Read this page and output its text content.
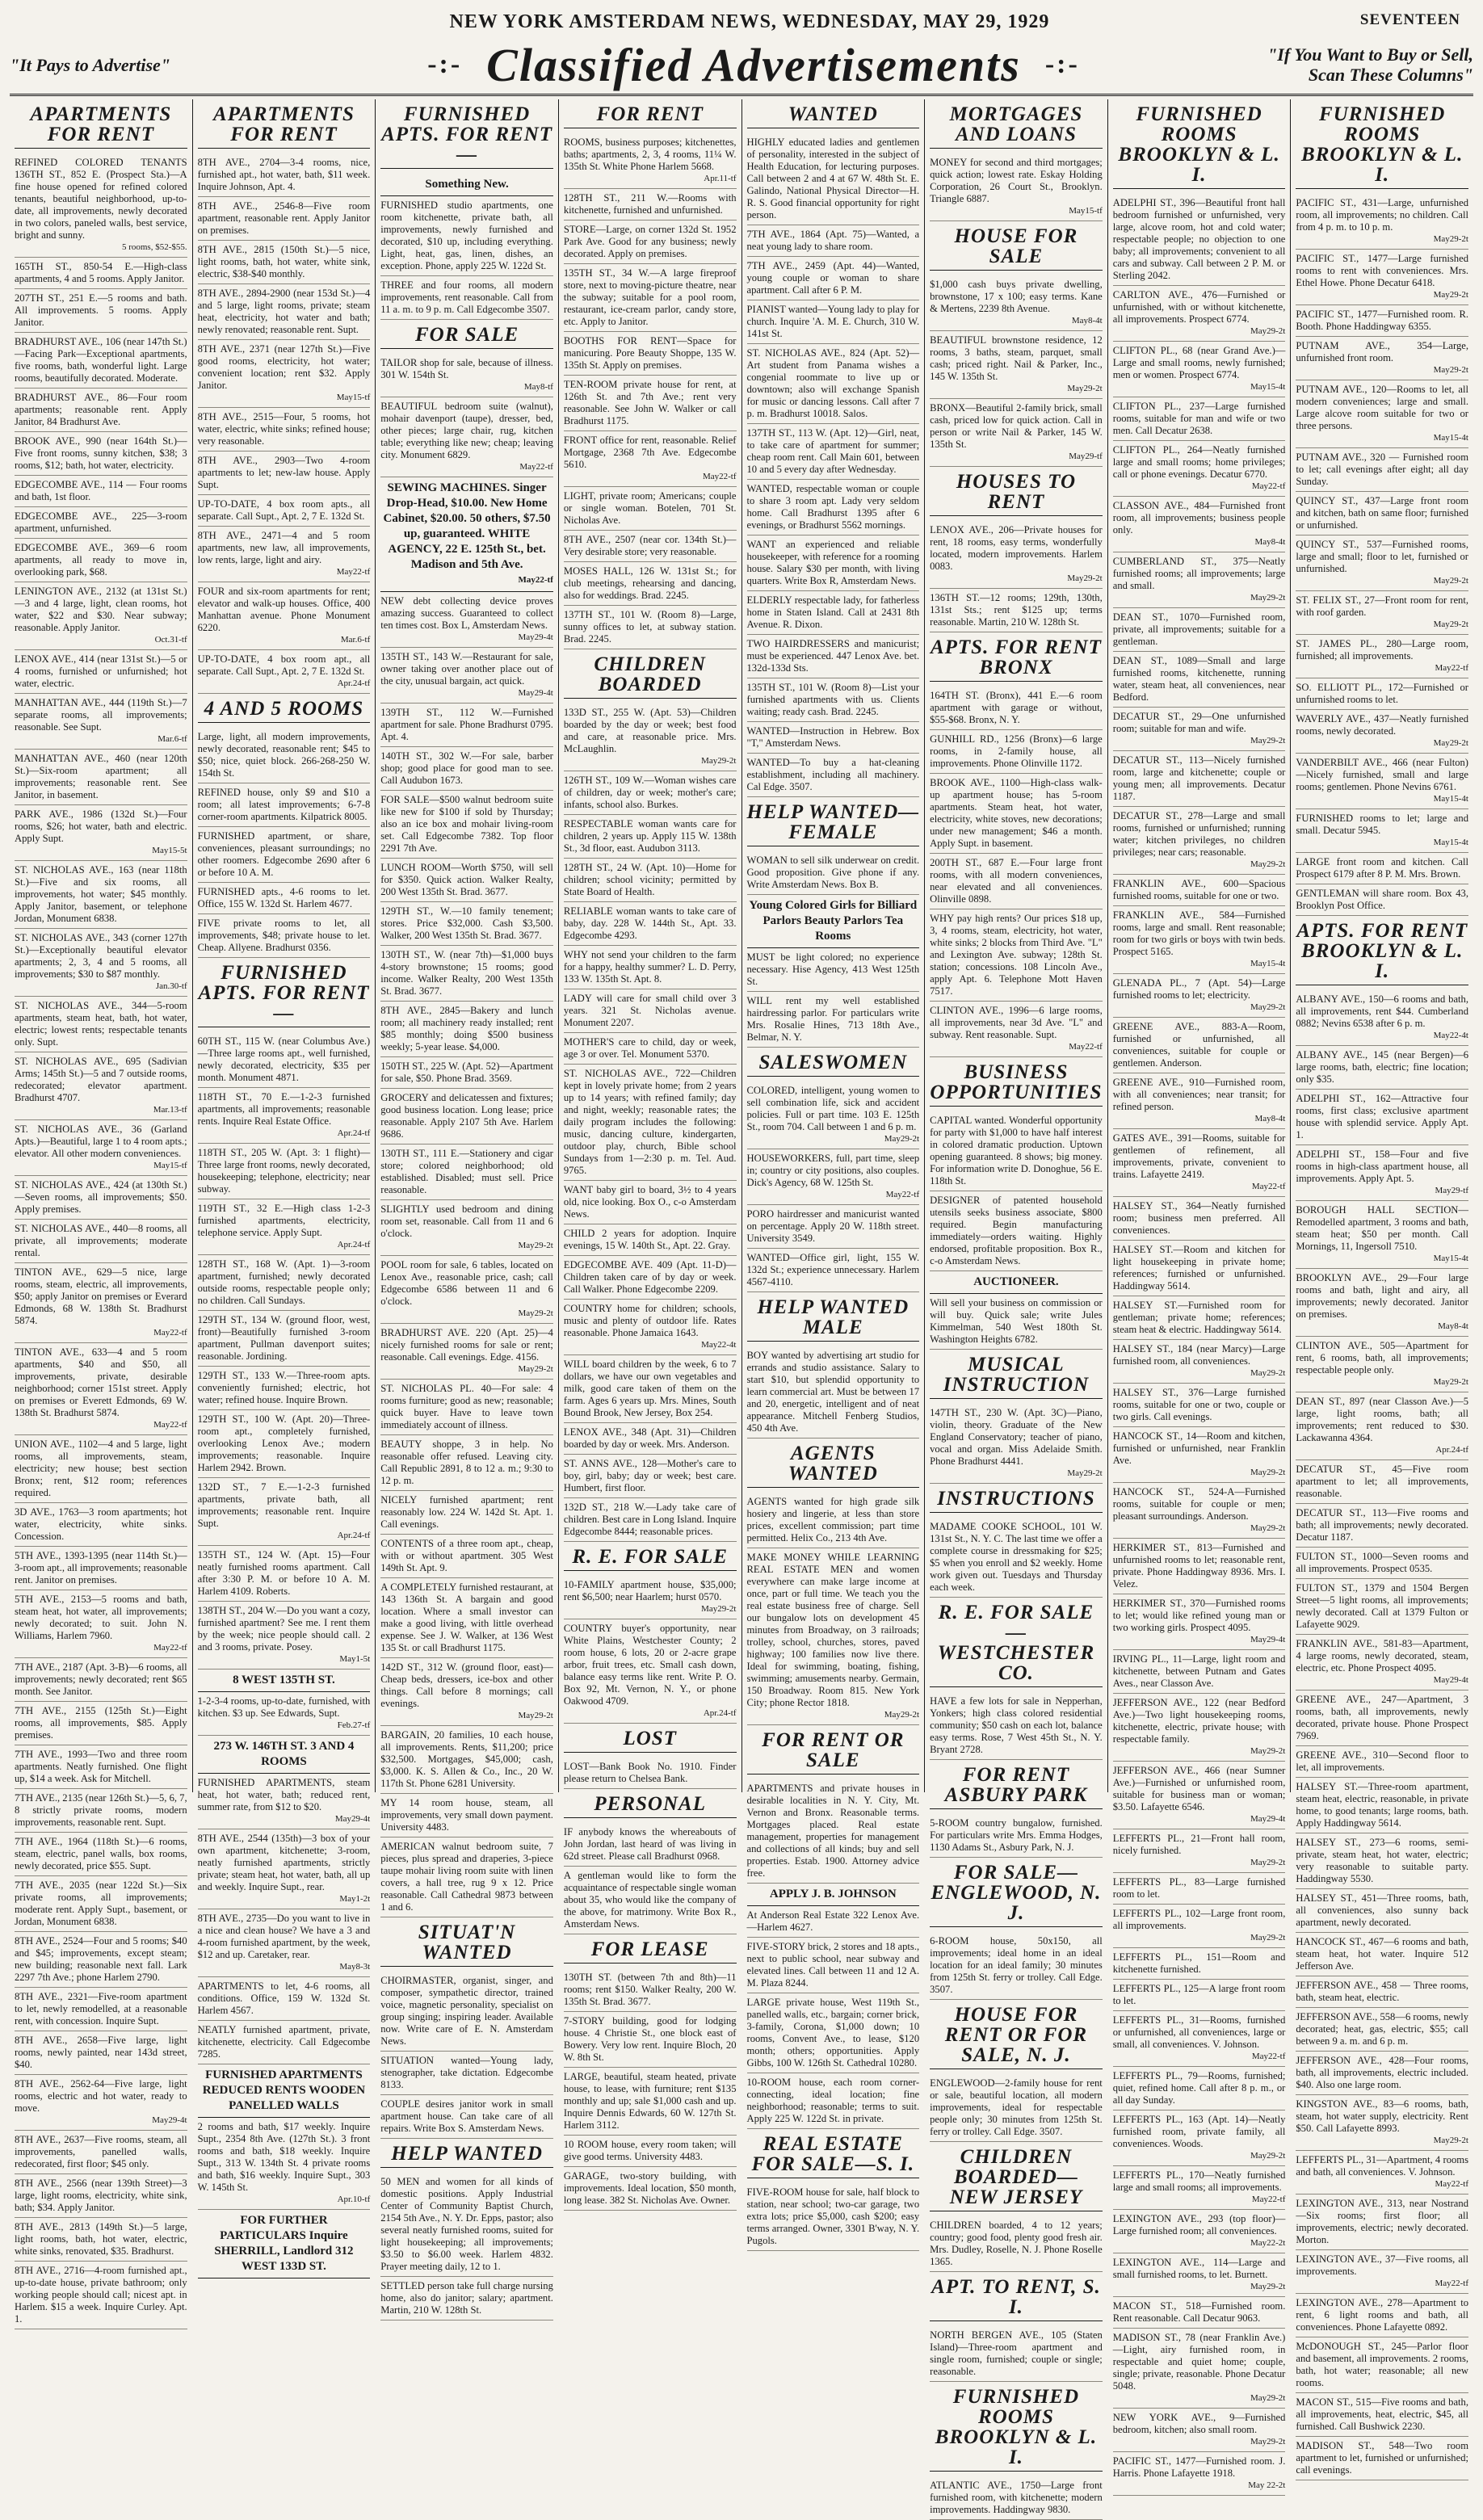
NEW YORK AMSTERDAM NEWS, WEDNESDAY, MAY 29, 1929	SEVENTEEN
"It Pays to Advertise"	-:- Classified Advertisements -:-	"If You Want to Buy or Sell, Scan These Columns"
APARTMENTS FOR RENT
REFINED COLORED TENANTS 136TH ST., 852 E. (Prospect Sta.)—A fine house opened for refined colored tenants, beautiful neighborhood, up-to-date, all improvements, newly decorated in two colors, paneled walls, best service, bright and sunny.
5 rooms, $52-$55.
165TH ST., 850-54 E.—High-class apartments, 4 and 5 rooms. Apply Janitor.
207TH ST., 251 E.—5 rooms and bath. All improvements. 5 rooms. Apply Janitor.
BRADHURST AVE., 106 (near 147th St.)—Facing Park—Exceptional apartments, five rooms, bath, wonderful light. Large rooms, beautifully decorated. Moderate.
BRADHURST AVE., 86—Four room apartments; reasonable rent. Apply Janitor, 84 Bradhurst Ave.
BROOK AVE., 990 (near 164th St.)—Five front rooms, sunny kitchen, $38; 3 rooms, $12; bath, hot water, electricity.
EDGECOMBE AVE., 114 — Four rooms and bath, 1st floor.
EDGECOMBE AVE., 225—3-room apartment, unfurnished.
EDGECOMBE AVE., 369—6 room apartments, all ready to move in, overlooking park, $68.
LENINGTON AVE., 2132 (at 131st St.)—3 and 4 large, light, clean rooms, hot water, $22 and $30. Near subway; reasonable. Apply Janitor.
Oct.31-tf
LENOX AVE., 414 (near 131st St.)—5 or 4 rooms, furnished or unfurnished; hot water, electric.
MANHATTAN AVE., 444 (119th St.)—7 separate rooms, all improvements; reasonable. See Supt.
Mar.6-tf
MANHATTAN AVE., 460 (near 120th St.)—Six-room apartment; all improvements; reasonable rent. See Janitor, in basement.
PARK AVE., 1986 (132d St.)—Four rooms, $26; hot water, bath and electric. Apply Supt.
May15-5t
ST. NICHOLAS AVE., 163 (near 118th St.)—Five and six rooms, all improvements, hot water; $45 monthly. Apply Janitor, basement, or telephone Jordan, Monument 6838.
ST. NICHOLAS AVE., 343 (corner 127th St.)—Exceptionally beautiful elevator apartments; 2, 3, 4 and 5 rooms, all improvements; $30 to $87 monthly.
Jan.30-tf
ST. NICHOLAS AVE., 344—5-room apartments, steam heat, bath, hot water, electric; lowest rents; respectable tenants only. Supt.
ST. NICHOLAS AVE., 695 (Sadivian Arms; 145th St.)—5 and 7 outside rooms, redecorated; elevator apartment. Bradhurst 4707.
Mar.13-tf
ST. NICHOLAS AVE., 36 (Garland Apts.)—Beautiful, large 1 to 4 room apts.; elevator. All other modern conveniences.
May15-tf
ST. NICHOLAS AVE., 424 (at 130th St.)—Seven rooms, all improvements; $50. Apply premises.
ST. NICHOLAS AVE., 440—8 rooms, all private, all improvements; moderate rental.
TINTON AVE., 629—5 nice, large rooms, steam, electric, all improvements, $50; apply Janitor on premises or Everard Edmonds, 68 W. 138th St. Bradhurst 5874.
May22-tf
TINTON AVE., 633—4 and 5 room apartments, $40 and $50, all improvements, private, desirable neighborhood; corner 151st street. Apply on premises or Everett Edmonds, 69 W. 138th St. Bradhurst 5874.
May22-tf
UNION AVE., 1102—4 and 5 large, light rooms, all improvements, steam, electricity; new house; best section Bronx; rent, $12 room; references required.
3D AVE., 1763—3 room apartments; hot water, electricity, white sinks. Concession.
5TH AVE., 1393-1395 (near 114th St.)—3-room apt., all improvements; reasonable rent. Janitor on premises.
5TH AVE., 2153—5 rooms and bath, steam heat, hot water, all improvements; newly decorated; to suit. John N. Williams, Harlem 7960.
May22-tf
7TH AVE., 2187 (Apt. 3-B)—6 rooms, all improvements; newly decorated; rent $65 month. See Janitor.
7TH AVE., 2155 (125th St.)—Eight rooms, all improvements, $85. Apply premises.
7TH AVE., 1993—Two and three room apartments. Neatly furnished. One flight up, $14 a week. Ask for Mitchell.
7TH AVE., 2135 (near 126th St.)—5, 6, 7, 8 strictly private rooms, modern improvements, reasonable rent. Supt.
7TH AVE., 1964 (118th St.)—6 rooms, steam, electric, panel walls, box rooms, newly decorated, price $55. Supt.
7TH AVE., 2035 (near 122d St.)—Six private rooms, all improvements; moderate rent. Apply Supt., basement, or Jordan, Monument 6838.
8TH AVE., 2524—Four and 5 rooms; $40 and $45; improvements, except steam; new building; reasonable next fall. Lark 2297 7th Ave.; phone Harlem 2790.
8TH AVE., 2321—Five-room apartment to let, newly remodelled, at a reasonable rent, with concession. Inquire Supt.
8TH AVE., 2658—Five large, light rooms, newly painted, near 143d street, $40.
8TH AVE., 2562-64—Five large, light rooms, electric and hot water, ready to move.
May29-4t
8TH AVE., 2637—Five rooms, steam, all improvements, panelled walls, redecorated, first floor; $45 only.
8TH AVE., 2566 (near 139th Street)—3 large, light rooms, electricity, white sink, bath; $34. Apply Janitor.
8TH AVE., 2813 (149th St.)—5 large, light rooms, bath, hot water, electric, white sinks, renovated, $35. Bradhurst.
8TH AVE., 2716—4-room furnished apt., up-to-date house, private bathroom; only working people should call; nicest apt. in Harlem. $15 a week. Inquire Curley. Apt. 1.
APARTMENTS FOR RENT
8TH AVE., 2704—3-4 rooms, nice, furnished apt., hot water, bath, $11 week. Inquire Johnson, Apt. 4.
8TH AVE., 2546-8—Five room apartment, reasonable rent. Apply Janitor on premises.
8TH AVE., 2815 (150th St.)—5 nice, light rooms, bath, hot water, white sink, electric, $38-$40 monthly.
8TH AVE., 2894-2900 (near 153d St.)—4 and 5 large, light rooms, private; steam heat, electricity, hot water and bath; newly renovated; reasonable rent. Supt.
8TH AVE., 2371 (near 127th St.)—Five good rooms, electricity, hot water; convenient location; rent $32. Apply Janitor.
May15-tf
8TH AVE., 2515—Four, 5 rooms, hot water, electric, white sinks; refined house; very reasonable.
8TH AVE., 2903—Two 4-room apartments to let; new-law house. Apply Supt.
UP-TO-DATE, 4 box room apts., all separate. Call Supt., Apt. 2, 7 E. 132d St.
8TH AVE., 2471—4 and 5 room apartments, new law, all improvements, low rents, large, light and airy.
May22-tf
FOUR and six-room apartments for rent; elevator and walk-up houses. Office, 400 Manhattan avenue. Phone Monument 6220.
Mar.6-tf
UP-TO-DATE, 4 box room apt., all separate. Call Supt., Apt. 2, 7 E. 132d St.
Apr.24-tf
4 AND 5 ROOMS
Large, light, all modern improvements, newly decorated, reasonable rent; $45 to $50; nice, quiet block. 266-268-250 W. 154th St.
REFINED house, only $9 and $10 a room; all latest improvements; 6-7-8 corner-room apartments. Kilpatrick 8005.
FURNISHED apartment, or share, conveniences, pleasant surroundings; no other roomers. Edgecombe 2690 after 6 or before 10 A. M.
FURNISHED apts., 4-6 rooms to let. Office, 155 W. 132d St. Harlem 4677.
FIVE private rooms to let, all improvements, $48; private house to let. Cheap. Allyene. Bradhurst 0356.
FURNISHED APTS. FOR RENT—
60TH ST., 115 W. (near Columbus Ave.)—Three large rooms apt., well furnished, newly decorated, electricity, $35 per month. Monument 4871.
118TH ST., 70 E.—1-2-3 furnished apartments, all improvements; reasonable rents. Inquire Real Estate Office.
Apr.24-tf
118TH ST., 205 W. (Apt. 3: 1 flight)—Three large front rooms, newly decorated, housekeeping; telephone, electricity; near subway.
119TH ST., 32 E.—High class 1-2-3 furnished apartments, electricity, telephone service. Apply Supt.
Apr.24-tf
128TH ST., 168 W. (Apt. 1)—3-room apartment, furnished; newly decorated outside rooms, respectable people only; no children. Call Sundays.
129TH ST., 134 W. (ground floor, west, front)—Beautifully furnished 3-room apartment, Pullman davenport suites; reasonable. Jordining.
129TH ST., 133 W.—Three-room apts. conveniently furnished; electric, hot water; refined house. Inquire Brown.
129TH ST., 100 W. (Apt. 20)—Three-room apt., completely furnished, overlooking Lenox Ave.; modern improvements; reasonable. Inquire Harlem 2942. Brown.
132D ST., 7 E.—1-2-3 furnished apartments, private bath, all improvements; reasonable rent. Inquire Supt.
Apr.24-tf
135TH ST., 124 W. (Apt. 15)—Four neatly furnished rooms apartment. Call after 3:30 P. M. or before 10 A. M. Harlem 4109. Roberts.
138TH ST., 204 W.—Do you want a cozy, furnished apartment? See me. I rent them by the week; nice people should call. 2 and 3 rooms, private. Posey.
May1-5t
8 WEST 135TH ST.
1-2-3-4 rooms, up-to-date, furnished, with kitchen. $3 up. See Edwards, Supt.
Feb.27-tf
273 W. 146TH ST. 3 AND 4 ROOMS
FURNISHED APARTMENTS, steam heat, hot water, bath; reduced rent, summer rate, from $12 to $20.
May29-4t
8TH AVE., 2544 (135th)—3 box of your own apartment, kitchenette; 3-room, neatly furnished apartments, strictly private; steam heat, hot water, bath, all up and weekly. Inquire Supt., rear.
May1-2t
8TH AVE., 2735—Do you want to live in a nice and clean house? We have a 3 and 4-room furnished apartment, by the week, $12 and up. Caretaker, rear.
May8-3t
APARTMENTS to let, 4-6 rooms, all conditions. Office, 159 W. 132d St. Harlem 4567.
NEATLY furnished apartment, private, kitchenette, electricity. Call Edgecombe 7285.
FURNISHED APARTMENTS REDUCED RENTS WOODEN PANELLED WALLS
2 rooms and bath, $17 weekly. Inquire Supt., 2354 8th Ave. (127th St.). 3 front rooms and bath, $18 weekly. Inquire Supt., 313 W. 134th St. 4 private rooms and bath, $16 weekly. Inquire Supt., 303 W. 145th St.
Apr.10-tf
FOR FURTHER PARTICULARS Inquire SHERRILL, Landlord 312 WEST 133D ST.
FURNISHED APTS. FOR RENT—
Something New.
FURNISHED studio apartments, one room kitchenette, private bath, all improvements, newly furnished and decorated, $10 up, including everything. Light, heat, gas, linen, dishes, an exception. Phone, apply 225 W. 122d St.
THREE and four rooms, all modern improvements, rent reasonable. Call from 11 a. m. to 9 p. m. Call Edgecombe 3507.
FOR SALE
TAILOR shop for sale, because of illness. 301 W. 154th St.
May8-tf
BEAUTIFUL bedroom suite (walnut), mohair davenport (taupe), dresser, bed, other pieces; large chair, rug, kitchen table; everything like new; cheap; leaving city. Monument 6829.
May22-tf
SEWING MACHINES. Singer Drop-Head, $10.00. New Home Cabinet, $20.00. 50 others, $7.50 up, guaranteed. WHITE AGENCY, 22 E. 125th St., bet. Madison and 5th Ave.
May22-tf
NEW debt collecting device proves amazing success. Guaranteed to collect ten times cost. Box L, Amsterdam News.
May29-4t
135TH ST., 143 W.—Restaurant for sale, owner taking over another place out of the city, unusual bargain, act quick.
May29-4t
139TH ST., 112 W.—Furnished apartment for sale. Phone Bradhurst 0795. Apt. 4.
140TH ST., 302 W.—For sale, barber shop; good place for good man to see. Call Audubon 1673.
FOR SALE—$500 walnut bedroom suite like new for $100 if sold by Thursday; also an ice box and mohair living-room set. Call Edgecombe 7382. Top floor 2291 7th Ave.
LUNCH ROOM—Worth $750, will sell for $350. Quick action. Walker Realty, 200 West 135th St. Brad. 3677.
129TH ST., W.—10 family tenement; stores. Price $32,000. Cash $3,500. Walker, 200 West 135th St. Brad. 3677.
130TH ST., W. (near 7th)—$1,000 buys 4-story brownstone; 15 rooms; good income. Walker Realty, 200 West 135th St. Brad. 3677.
8TH AVE., 2845—Bakery and lunch room; all machinery ready installed; rent $85 monthly; doing $500 business weekly; 5-year lease. $4,000.
150TH ST., 225 W. (Apt. 52)—Apartment for sale, $50. Phone Brad. 3569.
GROCERY and delicatessen and fixtures; good business location. Long lease; price reasonable. Apply 2107 5th Ave. Harlem 9686.
130TH ST., 111 E.—Stationery and cigar store; colored neighborhood; old established. Disabled; must sell. Price reasonable.
SLIGHTLY used bedroom and dining room set, reasonable. Call from 11 and 6 o'clock.
May29-2t
POOL room for sale, 6 tables, located on Lenox Ave., reasonable price, cash; call Edgecombe 6586 between 11 and 6 o'clock.
May29-2t
BRADHURST AVE. 220 (Apt. 25)—4 nicely furnished rooms for sale or rent; reasonable. Call evenings. Edge. 4156.
May29-2t
ST. NICHOLAS PL. 40—For sale: 4 rooms furniture; good as new; reasonable; quick buyer. Have to leave town immediately account of illness.
BEAUTY shoppe, 3 in help. No reasonable offer refused. Leaving city. Call Republic 2891, 8 to 12 a. m.; 9:30 to 12 p. m.
NICELY furnished apartment; rent reasonably low. 224 W. 142d St. Apt. 1. Call evenings.
CONTENTS of a three room apt., cheap, with or without apartment. 305 West 149th St. Apt. 9.
A COMPLETELY furnished restaurant, at 143 136th St. A bargain and good location. Where a small investor can make a good living, with little overhead expense. See J. W. Walker, at 136 West 135 St. or call Bradhurst 1175.
142D ST., 312 W. (ground floor, east)—Cheap beds, dressers, ice-box and other things. Call before 8 mornings; call evenings.
May29-2t
BARGAIN, 20 families, 10 each house, all improvements. Rents, $11,200; price $32,500. Mortgages, $45,000; cash, $3,000. K. S. Allen & Co., Inc., 20 W. 117th St. Phone 6281 University.
MY 14 room house, steam, all improvements, very small down payment. University 4483.
AMERICAN walnut bedroom suite, 7 pieces, plus spread and draperies, 3-piece taupe mohair living room suite with linen covers, a hall tree, rug 9 x 12. Price reasonable. Call Cathedral 9873 between 1 and 6.
SITUAT'N WANTED
CHOIRMASTER, organist, singer, and composer, sympathetic director, trained voice, magnetic personality, specialist on group singing; inspiring leader. Available now. Write care of E. N. Amsterdam News.
SITUATION wanted—Young lady, stenographer, take dictation. Edgecombe 8133.
COUPLE desires janitor work in small apartment house. Can take care of all repairs. Write Box S. Amsterdam News.
HELP WANTED
50 MEN and women for all kinds of domestic positions. Apply Industrial Center of Community Baptist Church, 2154 5th Ave., N. Y. Dr. Epps, pastor; also several neatly furnished rooms, suited for light housekeeping; all improvements; $3.50 to $6.00 week. Harlem 4832. Prayer meeting daily, 12 to 1.
SETTLED person take full charge nursing home, also do janitor; salary; apartment. Martin, 210 W. 128th St.
FOR RENT
ROOMS, business purposes; kitchenettes, baths; apartments, 2, 3, 4 rooms, 11¼ W. 135th St. White Phone Harlem 5668.
Apr.11-tf
128TH ST., 211 W.—Rooms with kitchenette, furnished and unfurnished.
STORE—Large, on corner 132d St. 1952 Park Ave. Good for any business; newly decorated. Apply on premises.
135TH ST., 34 W.—A large fireproof store, next to moving-picture theatre, near the subway; suitable for a pool room, restaurant, ice-cream parlor, candy store, etc. Apply to Janitor.
BOOTHS FOR RENT—Space for manicuring. Pore Beauty Shoppe, 135 W. 135th St. Apply on premises.
TEN-ROOM private house for rent, at 126th St. and 7th Ave.; rent very reasonable. See John W. Walker or call Bradhurst 1175.
FRONT office for rent, reasonable. Relief Mortgage, 2368 7th Ave. Edgecombe 5610.
May22-tf
LIGHT, private room; Americans; couple or single woman. Botelen, 701 St. Nicholas Ave.
8TH AVE., 2507 (near cor. 134th St.)—Very desirable store; very reasonable.
MOSES HALL, 126 W. 131st St.; for club meetings, rehearsing and dancing, also for weddings. Brad. 2245.
137TH ST., 101 W. (Room 8)—Large, sunny offices to let, at subway station. Brad. 2245.
CHILDREN BOARDED
133D ST., 255 W. (Apt. 53)—Children boarded by the day or week; best food and care, at reasonable price. Mrs. McLaughlin.
May29-2t
126TH ST., 109 W.—Woman wishes care of children, day or week; mother's care; infants, school also. Burkes.
RESPECTABLE woman wants care for children, 2 years up. Apply 115 W. 138th St., 3d floor, east. Audubon 3113.
128TH ST., 24 W. (Apt. 10)—Home for children; school vicinity; permitted by State Board of Health.
RELIABLE woman wants to take care of baby, day. 228 W. 144th St., Apt. 33. Edgecombe 4293.
WHY not send your children to the farm for a happy, healthy summer? L. D. Perry, 133 W. 135th St. Apt. 8.
LADY will care for small child over 3 years. 321 St. Nicholas avenue. Monument 2207.
MOTHER'S care to child, day or week, age 3 or over. Tel. Monument 5370.
ST. NICHOLAS AVE., 722—Children kept in lovely private home; from 2 years up to 14 years; with refined family; day and night, weekly; reasonable rates; the daily program includes the following: music, dancing culture, kindergarten, outdoor play, church, Bible school Sundays from 1—2:30 p. m. Tel. Aud. 9765.
WANT baby girl to board, 3½ to 4 years old, nice looking. Box O., c-o Amsterdam News.
CHILD 2 years for adoption. Inquire evenings, 15 W. 140th St., Apt. 22. Gray.
EDGECOMBE AVE. 409 (Apt. 11-D)—Children taken care of by day or week. Call Walker. Phone Edgecombe 2209.
COUNTRY home for children; schools, music and plenty of outdoor life. Rates reasonable. Phone Jamaica 1643.
May22-4t
WILL board children by the week, 6 to 7 dollars, we have our own vegetables and milk, good care taken of them on the farm. Ages 6 years up. Mrs. Mines, South Bound Brook, New Jersey, Box 254.
LENOX AVE., 348 (Apt. 31)—Children boarded by day or week. Mrs. Anderson.
ST. ANNS AVE., 128—Mother's care to boy, girl, baby; day or week; best care. Humbert, first floor.
132D ST., 218 W.—Lady take care of children. Best care in Long Island. Inquire Edgecombe 8444; reasonable prices.
R. E. FOR SALE
10-FAMILY apartment house, $35,000; rent $6,500; near Haarlem; hurst 0570.
May29-2t
COUNTRY buyer's opportunity, near White Plains, Westchester County; 2 room house, 6 lots, 20 or 2-acre grape arbor, fruit trees, etc. Small cash down, balance easy terms like rent. Write P. O. Box 92, Mt. Vernon, N. Y., or phone Oakwood 4709.
Apr.24-tf
LOST
LOST—Bank Book No. 1910. Finder please return to Chelsea Bank.
PERSONAL
IF anybody knows the whereabouts of John Jordan, last heard of was living in 62d street. Please call Bradhurst 0968.
A gentleman would like to form the acquaintance of respectable single woman about 35, who would like the company of the above, for matrimony. Write Box R., Amsterdam News.
FOR LEASE
130TH ST. (between 7th and 8th)—11 rooms; rent $150. Walker Realty, 200 W. 135th St. Brad. 3677.
7-STORY building, good for lodging house. 4 Christie St., one block east of Bowery. Very low rent. Inquire Bloch, 20 W. 8th St.
LARGE, beautiful, steam heated, private house, to lease, with furniture; rent $135 monthly and up; sale $1,000 cash and up. Inquire Dennis Edwards, 60 W. 127th St. Harlem 3112.
10 ROOM house, every room taken; will give good terms. University 4483.
GARAGE, two-story building, with improvements. Ideal location, $50 month, long lease. 382 St. Nicholas Ave. Owner.
WANTED
HIGHLY educated ladies and gentlemen of personality, interested in the subject of Health Education, for lecturing purposes. Call between 2 and 4 at 67 W. 48th St. E. Galindo, National Physical Director—H. R. S. Good financial opportunity for right person.
7TH AVE., 1864 (Apt. 75)—Wanted, a neat young lady to share room.
7TH AVE., 2459 (Apt. 44)—Wanted, young couple or woman to share apartment. Call after 6 P. M.
PIANIST wanted—Young lady to play for church. Inquire 'A. M. E. Church, 310 W. 141st St.
ST. NICHOLAS AVE., 824 (Apt. 52)—Art student from Panama wishes a congenial roommate to live up or downtown; also will exchange Spanish for music or dancing lessons. Call after 7 p. m. Bradhurst 10018. Salos.
137TH ST., 113 W. (Apt. 12)—Girl, neat, to take care of apartment for summer; cheap room rent. Call Main 601, between 10 and 5 every day after Wednesday.
WANTED, respectable woman or couple to share 3 room apt. Lady very seldom home. Call Bradhurst 1395 after 6 evenings, or Bradhurst 5562 mornings.
WANT an experienced and reliable housekeeper, with reference for a rooming house. Salary $30 per month, with living quarters. Write Box R, Amsterdam News.
ELDERLY respectable lady, for fatherless home in Staten Island. Call at 2431 8th Avenue. R. Dixon.
TWO HAIRDRESSERS and manicurist; must be experienced. 447 Lenox Ave. bet. 132d-133d Sts.
135TH ST., 101 W. (Room 8)—List your furnished apartments with us. Clients waiting; ready cash. Brad. 2245.
WANTED—Instruction in Hebrew. Box "T," Amsterdam News.
WANTED—To buy a hat-cleaning establishment, including all machinery. Cal Edge. 3507.
HELP WANTED—FEMALE
WOMAN to sell silk underwear on credit. Good proposition. Give phone if any. Write Amsterdam News. Box B.
Young Colored Girls for Billiard Parlors Beauty Parlors Tea Rooms
MUST be light colored; no experience necessary. Hise Agency, 413 West 125th St.
WILL rent my well established hairdressing parlor. For particulars write Mrs. Rosalie Hines, 713 18th Ave., Belmar, N. Y.
SALESWOMEN
COLORED, intelligent, young women to sell combination life, sick and accident policies. Full or part time. 103 E. 125th St., room 704. Call between 1 and 6 p. m.
May29-2t
HOUSEWORKERS, full, part time, sleep in; country or city positions, also couples. Dick's Agency, 68 W. 125th St.
May22-tf
PORO hairdresser and manicurist wanted on percentage. Apply 20 W. 118th street. University 3549.
WANTED—Office girl, light, 155 W. 132d St.; experience unnecessary. Harlem 4567-4110.
HELP WANTED MALE
BOY wanted by advertising art studio for errands and studio assistance. Salary to start $10, but splendid opportunity to learn commercial art. Must be between 17 and 20, energetic, intelligent and of neat appearance. Mitchell Fenberg Studios, 450 4th Ave.
AGENTS WANTED
AGENTS wanted for high grade silk hosiery and lingerie, at less than store prices, excellent commission; part time permitted. Helix Co., 213 4th Ave.
MAKE MONEY WHILE LEARNING REAL ESTATE MEN and women everywhere can make large income at once, part or full time. We teach you the real estate business free of charge. Sell our bungalow lots on development 45 minutes from Broadway, on 3 railroads; trolley, school, churches, stores, paved highway; 100 families now live there. Ideal for swimming, boating, fishing, swimming; amusements nearby. Germain, 150 Broadway. Room 815. New York City; phone Rector 1818.
May29-2t
FOR RENT OR SALE
APARTMENTS and private houses in desirable localities in N. Y. City, Mt. Vernon and Bronx. Reasonable terms. Mortgages placed. Real estate management, properties for management and collections of all kinds; buy and sell properties. Estab. 1900. Attorney advice free.
APPLY J. B. JOHNSON
At Anderson Real Estate 322 Lenox Ave.—Harlem 4627.
FIVE-STORY brick, 2 stores and 18 apts., next to public school, near subway and elevated lines. Call between 11 and 12 A. M. Plaza 8244.
LARGE private house, West 119th St., panelled walls, etc., bargain; corner brick, 3-family, Corona, $1,000 down; 10 rooms, Convent Ave., to lease, $120 month; others; opportunities. Apply Gibbs, 100 W. 126th St. Cathedral 10280.
10-ROOM house, each room corner-connecting, ideal location; fine neighborhood; reasonable; terms to suit. Apply 225 W. 122d St. in private.
REAL ESTATE FOR SALE—S. I.
FIVE-ROOM house for sale, half block to station, near school; two-car garage, two extra lots; price $5,000, cash $200; easy terms arranged. Owner, 3301 B'way, N. Y. Pugols.
MORTGAGES AND LOANS
MONEY for second and third mortgages; quick action; lowest rate. Eskay Holding Corporation, 26 Court St., Brooklyn. Triangle 6887.
May15-tf
HOUSE FOR SALE
$1,000 cash buys private dwelling, brownstone, 17 x 100; easy terms. Kane & Mertens, 2239 8th Avenue.
May8-4t
BEAUTIFUL brownstone residence, 12 rooms, 3 baths, steam, parquet, small cash; priced right. Nail & Parker, Inc., 145 W. 135th St.
May29-2t
BRONX—Beautiful 2-family brick, small cash, priced low for quick action. Call in person or write Nail & Parker, 145 W. 135th St.
May29-tf
HOUSES TO RENT
LENOX AVE., 206—Private houses for rent, 18 rooms, easy terms, wonderfully located, modern improvements. Harlem 0083.
May29-2t
136TH ST.—12 rooms; 129th, 130th, 131st Sts.; rent $125 up; terms reasonable. Martin, 210 W. 128th St.
APTS. FOR RENT BRONX
164TH ST. (Bronx), 441 E.—6 room apartment with garage or without, $55-$68. Bronx, N. Y.
GUNHILL RD., 1256 (Bronx)—6 large rooms, in 2-family house, all improvements. Phone Olinville 1172.
BROOK AVE., 1100—High-class walk-up apartment house; has 5-room apartments. Steam heat, hot water, electricity, white stoves, new decorations; under new management; $46 a month. Apply Supt. in basement.
200TH ST., 687 E.—Four large front rooms, with all modern conveniences, near elevated and all conveniences. Olinville 0898.
WHY pay high rents? Our prices $18 up, 3, 4 rooms, steam, electricity, hot water, white sinks; 2 blocks from Third Ave. "L" and Lexington Ave. subway; 128th St. station; concessions. 108 Lincoln Ave., apply Apt. 6. Telephone Mott Haven 7517.
CLINTON AVE., 1996—6 large rooms, all improvements, near 3d Ave. "L" and subway. Rent reasonable. Supt.
May22-tf
BUSINESS OPPORTUNITIES
CAPITAL wanted. Wonderful opportunity for party with $1,000 to have half interest in colored dramatic production. Uptown opening guaranteed. 8 shows; big money. For information write D. Donoghue, 56 E. 118th St.
DESIGNER of patented household utensils seeks business associate, $800 required. Begin manufacturing immediately—orders waiting. Highly endorsed, profitable proposition. Box R., c-o Amsterdam News.
AUCTIONEER.
Will sell your business on commission or will buy. Quick sale; write Jules Kimmelman, 540 West 180th St. Washington Heights 6782.
MUSICAL INSTRUCTION
147TH ST., 230 W. (Apt. 3C)—Piano, violin, theory. Graduate of the New England Conservatory; teacher of piano, vocal and organ. Miss Adelaide Smith. Phone Bradhurst 4441.
May29-2t
INSTRUCTIONS
MADAME COOKE SCHOOL, 101 W. 131st St., N. Y. C. The last time we offer a complete course in dressmaking for $25; $5 when you enroll and $2 weekly. Home work given out. Tuesdays and Thursday each week.
R. E. FOR SALE—WESTCHESTER CO.
HAVE a few lots for sale in Nepperhan, Yonkers; high class colored residential community; $50 cash on each lot, balance easy terms. Rose, 7 West 45th St., N. Y. Bryant 2728.
FOR RENT ASBURY PARK
5-ROOM country bungalow, furnished. For particulars write Mrs. Emma Hodges, 1130 Adams St., Asbury Park, N. J.
FOR SALE—ENGLEWOOD, N. J.
6-ROOM house, 50x150, all improvements; ideal home in an ideal location for an ideal family; 30 minutes from 125th St. ferry or trolley. Call Edge. 3507.
HOUSE FOR RENT OR FOR SALE, N. J.
ENGLEWOOD—2-family house for rent or sale, beautiful location, all modern improvements, ideal for respectable people only; 30 minutes from 125th St. ferry or trolley. Call Edge. 3507.
CHILDREN BOARDED—NEW JERSEY
CHILDREN boarded, 4 to 12 years; country; good food, plenty good fresh air. Mrs. Dudley, Roselle, N. J. Phone Roselle 1365.
APT. TO RENT, S. I.
NORTH BERGEN AVE., 105 (Staten Island)—Three-room apartment and single room, furnished; couple or single; reasonable.
FURNISHED ROOMS BROOKLYN & L. I.
ATLANTIC AVE., 1750—Large front furnished room, with kitchenette; modern improvements. Haddingway 9830.
FURNISHED ROOMS BROOKLYN & L. I.
ADELPHI ST., 396—Beautiful front hall bedroom furnished or unfurnished, very large, alcove room, hot and cold water; respectable people; no objection to one baby; all improvements; convenient to all cars and subway. Call between 2 P. M. or Sterling 2042.
CARLTON AVE., 476—Furnished or unfurnished, with or without kitchenette, all improvements. Prospect 6774.
May29-2t
CLIFTON PL., 68 (near Grand Ave.)—Large and small rooms, newly furnished; men or women. Prospect 6774.
May15-4t
CLIFTON PL., 237—Large furnished rooms, suitable for man and wife or two men. Call Decatur 2638.
CLIFTON PL., 264—Neatly furnished large and small rooms; home privileges; call or phone evenings. Decatur 6770.
May22-tf
CLASSON AVE., 484—Furnished front room, all improvements; business people only.
May8-4t
CUMBERLAND ST., 375—Neatly furnished rooms; all improvements; large and small.
May29-2t
DEAN ST., 1070—Furnished room, private, all improvements; suitable for a gentleman.
DEAN ST., 1089—Small and large furnished rooms, kitchenette, running water, steam heat, all conveniences, near Bedford.
DECATUR ST., 29—One unfurnished room; suitable for man and wife.
May29-2t
DECATUR ST., 113—Nicely furnished room, large and kitchenette; couple or young men; all improvements. Decatur 1187.
DECATUR ST., 278—Large and small rooms, furnished or unfurnished; running water; kitchen privileges, no children privileges; near cars; reasonable.
May29-2t
FRANKLIN AVE., 600—Spacious furnished rooms, suitable for one or two.
FRANKLIN AVE., 584—Furnished rooms, large and small. Rent reasonable; room for two girls or boys with twin beds. Prospect 5165.
May15-4t
GLENADA PL., 7 (Apt. 54)—Large furnished rooms to let; electricity.
May29-2t
GREENE AVE., 883-A—Room, furnished or unfurnished, all conveniences, suitable for couple or gentlemen. Anderson.
GREENE AVE., 910—Furnished room, with all conveniences; near transit; for refined person.
May8-4t
GATES AVE., 391—Rooms, suitable for gentlemen of refinement, all improvements, private, convenient to trains. Lafayette 2419.
May22-tf
HALSEY ST., 364—Neatly furnished room; business men preferred. All conveniences.
HALSEY ST.—Room and kitchen for light housekeeping in private home; references; furnished or unfurnished. Haddingway 5614.
HALSEY ST.—Furnished room for gentleman; private home; references; steam heat & electric. Haddingway 5614.
HALSEY ST., 184 (near Marcy)—Large furnished room, all conveniences.
May29-2t
HALSEY ST., 376—Large furnished rooms, suitable for one or two, couple or two girls. Call evenings.
HANCOCK ST., 14—Room and kitchen, furnished or unfurnished, near Franklin Ave.
May29-2t
HANCOCK ST., 524-A—Furnished rooms, suitable for couple or men; pleasant surroundings. Anderson.
May29-2t
HERKIMER ST., 813—Furnished and unfurnished rooms to let; reasonable rent, private. Phone Haddingway 8936. Mrs. I. Velez.
HERKIMER ST., 370—Furnished rooms to let; would like refined young man or two working girls. Prospect 4095.
May29-4t
IRVING PL., 11—Large, light room and kitchenette, between Putnam and Gates Aves., near Classon Ave.
JEFFERSON AVE., 122 (near Bedford Ave.)—Two light housekeeping rooms, kitchenette, electric, private house; with respectable family.
May29-2t
JEFFERSON AVE., 466 (near Sumner Ave.)—Furnished or unfurnished room, suitable for business man or woman; $3.50. Lafayette 6546.
May29-4t
LEFFERTS PL., 21—Front hall room, nicely furnished.
May29-2t
LEFFERTS PL., 83—Large furnished room to let.
LEFFERTS PL., 102—Large front room, all improvements.
May29-2t
LEFFERTS PL., 151—Room and kitchenette furnished.
LEFFERTS PL., 125—A large front room to let.
LEFFERTS PL., 31—Rooms, furnished or unfurnished, all conveniences, large or small, all conveniences. V. Johnson.
May22-tf
LEFFERTS PL., 79—Rooms, furnished; quiet, refined home. Call after 8 p. m., or all day Sunday.
LEFFERTS PL., 163 (Apt. 14)—Neatly furnished room, private family, all conveniences. Woods.
May29-2t
LEFFERTS PL., 170—Neatly furnished large and small rooms; all improvements.
May22-tf
LEXINGTON AVE., 293 (top floor)—Large furnished room; all conveniences.
May22-2t
LEXINGTON AVE., 114—Large and small furnished rooms, to let. Burnett.
May29-2t
MACON ST., 518—Furnished room. Rent reasonable. Call Decatur 9063.
MADISON ST., 78 (near Franklin Ave.)—Light, airy furnished room, in respectable and quiet home; couple, single; private, reasonable. Phone Decatur 5048.
May29-2t
NEW YORK AVE., 9—Furnished bedroom, kitchen; also small room.
May29-2t
PACIFIC ST., 1477—Furnished room. J. Harris. Phone Lafayette 1918.
May 22-2t
FURNISHED ROOMS BROOKLYN & L. I.
PACIFIC ST., 431—Large, unfurnished room, all improvements; no children. Call from 4 p. m. to 10 p. m.
May29-2t
PACIFIC ST., 1477—Large furnished rooms to rent with conveniences. Mrs. Ethel Howe. Phone Decatur 6418.
May29-2t
PACIFIC ST., 1477—Furnished room. R. Booth. Phone Haddingway 6355.
PUTNAM AVE., 354—Large, unfurnished front room.
May29-2t
PUTNAM AVE., 120—Rooms to let, all modern conveniences; large and small. Large alcove room suitable for two or three persons.
May15-4t
PUTNAM AVE., 320 — Furnished room to let; call evenings after eight; all day Sunday.
QUINCY ST., 437—Large front room and kitchen, bath on same floor; furnished or unfurnished.
QUINCY ST., 537—Furnished rooms, large and small; floor to let, furnished or unfurnished.
May29-2t
ST. FELIX ST., 27—Front room for rent, with roof garden.
May29-2t
ST. JAMES PL., 280—Large room, furnished; all improvements.
May22-tf
SO. ELLIOTT PL., 172—Furnished or unfurnished rooms to let.
WAVERLY AVE., 437—Neatly furnished rooms, newly decorated.
May29-2t
VANDERBILT AVE., 466 (near Fulton)—Nicely furnished, small and large rooms; gentlemen. Phone Nevins 6761.
May15-4t
FURNISHED rooms to let; large and small. Decatur 5945.
May15-4t
LARGE front room and kitchen. Call Prospect 6179 after 8 P. M. Mrs. Brown.
GENTLEMAN will share room. Box 43, Brooklyn Post Office.
APTS. FOR RENT BROOKLYN & L. I.
ALBANY AVE., 150—6 rooms and bath, all improvements, rent $44. Cumberland 0882; Nevins 6538 after 6 p. m.
May22-4t
ALBANY AVE., 145 (near Bergen)—6 large rooms, bath, electric; fine location; only $35.
ADELPHI ST., 162—Attractive four rooms, first class; exclusive apartment house with splendid service. Apply Apt. 1.
ADELPHI ST., 158—Four and five rooms in high-class apartment house, all improvements. Apply Apt. 5.
May29-tf
BOROUGH HALL SECTION—Remodelled apartment, 3 rooms and bath, steam heat; $50 per month. Call Mornings, 11, Ingersoll 7510.
May15-4t
BROOKLYN AVE., 29—Four large rooms and bath, light and airy, all improvements; newly decorated. Janitor on premises.
May8-4t
CLINTON AVE., 505—Apartment for rent, 6 rooms, bath, all improvements; respectable people only.
May29-2t
DEAN ST., 897 (near Classon Ave.)—5 large, light rooms, bath; all improvements; rent reduced to $30. Lackawanna 4364.
Apr.24-tf
DECATUR ST., 45—Five room apartment to let; all improvements, reasonable.
DECATUR ST., 113—Five rooms and bath; all improvements; newly decorated. Decatur 1187.
FULTON ST., 1000—Seven rooms and all improvements. Prospect 0535.
FULTON ST., 1379 and 1504 Bergen Street—5 light rooms, all improvements; newly decorated. Call at 1379 Fulton or Lafayette 9029.
FRANKLIN AVE., 581-83—Apartment, 4 large rooms, newly decorated, steam, electric, etc. Phone Prospect 4095.
May29-4t
GREENE AVE., 247—Apartment, 3 rooms, bath, all improvements, newly decorated, private house. Phone Prospect 7969.
GREENE AVE., 310—Second floor to let, all improvements.
HALSEY ST.—Three-room apartment, steam heat, electric, reasonable, in private home, to good tenants; large rooms, bath. Apply Haddingway 5614.
HALSEY ST., 273—6 rooms, semi-private, steam heat, hot water, electric; very reasonable to suitable party. Haddingway 5530.
HALSEY ST., 451—Three rooms, bath, all conveniences, also sunny back apartment, newly decorated.
HANCOCK ST., 467—6 rooms and bath, steam heat, hot water. Inquire 512 Jefferson Ave.
JEFFERSON AVE., 458 — Three rooms, bath, steam heat, electric.
JEFFERSON AVE., 558—6 rooms, newly decorated; heat, gas, electric, $55; call between 9 a. m. and 6 p. m.
JEFFERSON AVE., 428—Four rooms, bath, all improvements, electric included. $40. Also one large room.
KINGSTON AVE., 83—6 rooms, bath, steam, hot water supply, electricity. Rent $50. Call Lafayette 8993.
May29-2t
LEFFERTS PL., 31—Apartment, 4 rooms and bath, all conveniences. V. Johnson.
May22-tf
LEXINGTON AVE., 313, near Nostrand—Six rooms; first floor; all improvements, electric; newly decorated. Morton.
LEXINGTON AVE., 37—Five rooms, all improvements.
May22-tf
LEXINGTON AVE., 278—Apartment to rent, 6 light rooms and bath, all conveniences. Phone Lafayette 0892.
McDONOUGH ST., 245—Parlor floor and basement, all improvements. 2 rooms, bath, hot water; reasonable; all new rooms.
MACON ST., 515—Five rooms and bath, all improvements, heat, electric, $45, all furnished. Call Bushwick 2230.
MADISON ST., 548—Two room apartment to let, furnished or unfurnished; call evenings.
